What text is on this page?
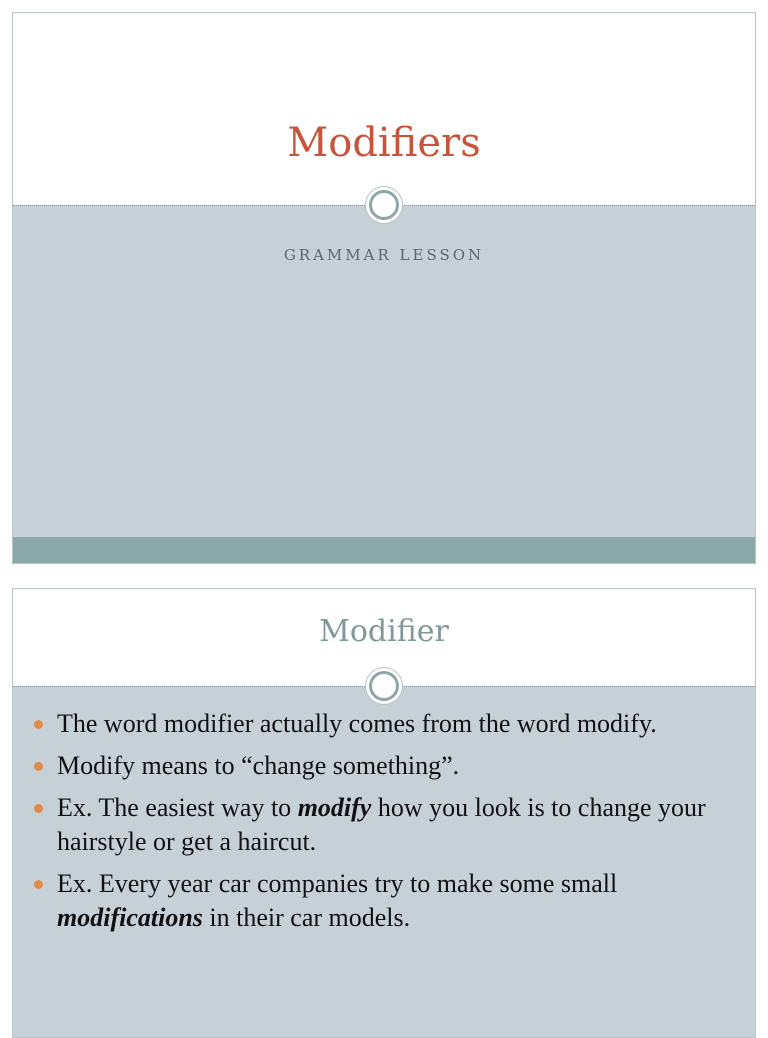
Modifiers
GRAMMAR LESSON
Modifier
The word modifier actually comes from the word modify.
Modify means to “change something”.
Ex. The easiest way to modify how you look is to change your hairstyle or get a haircut.
Ex. Every year car companies try to make some small modifications in their car models.
